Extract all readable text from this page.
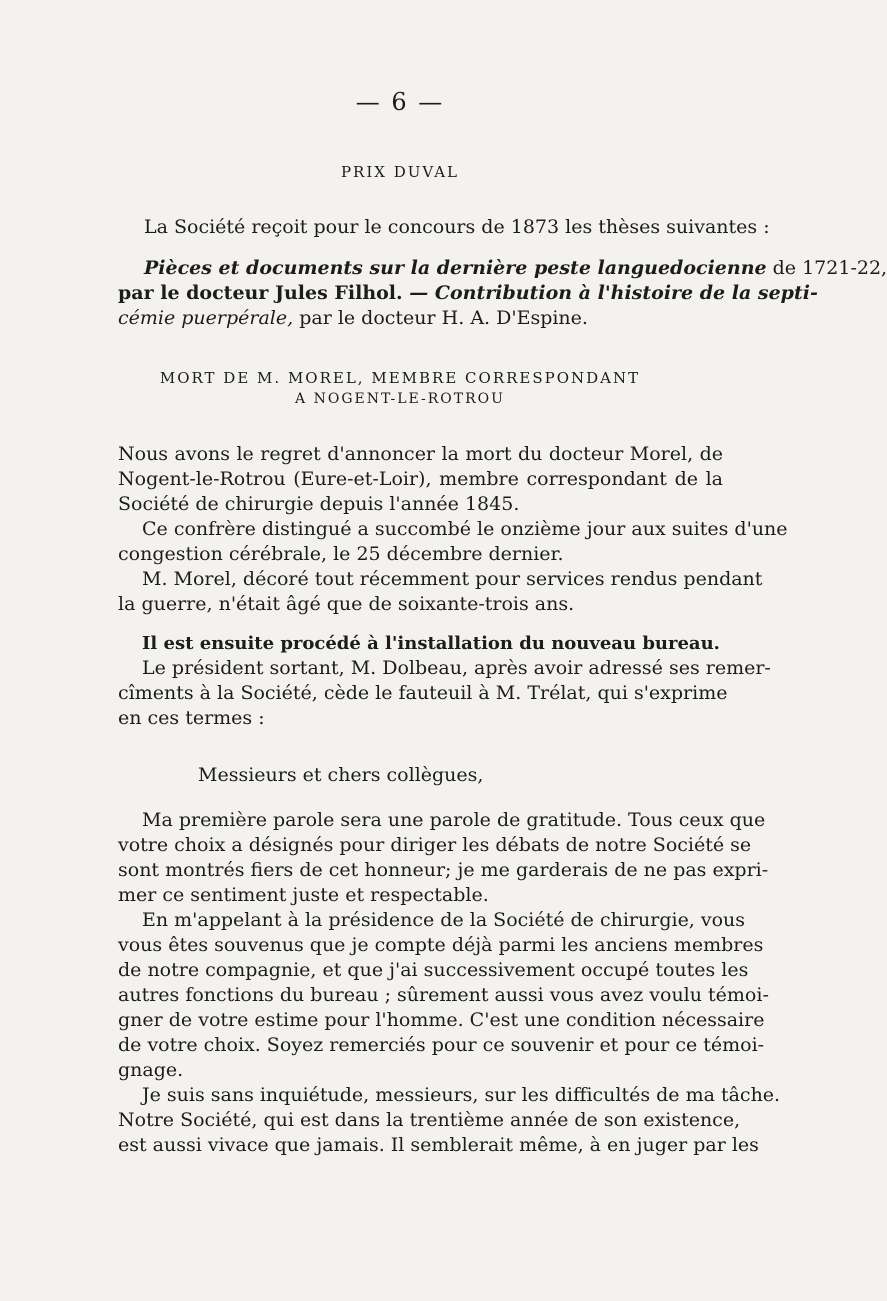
— 6 —
PRIX DUVAL
La Société reçoit pour le concours de 1873 les thèses suivantes :
Pièces et documents sur la dernière peste languedocienne de 1721-22,
par le docteur Jules Filhol. — Contribution à l'histoire de la septi-
cémie puerpérale, par le docteur H. A. D'Espine.
MORT DE M. MOREL, MEMBRE CORRESPONDANT
A NOGENT-LE-ROTROU
Nous avons le regret d'annoncer la mort du docteur Morel, de
Nogent-le-Rotrou (Eure-et-Loir), membre correspondant de la
Société de chirurgie depuis l'année 1845.
Ce confrère distingué a succombé le onzième jour aux suites d'une
congestion cérébrale, le 25 décembre dernier.
M. Morel, décoré tout récemment pour services rendus pendant
la guerre, n'était âgé que de soixante-trois ans.
Il est ensuite procédé à l'installation du nouveau bureau.
Le président sortant, M. Dolbeau, après avoir adressé ses remer-
cîments à la Société, cède le fauteuil à M. Trélat, qui s'exprime
en ces termes :
Messieurs et chers collègues,
Ma première parole sera une parole de gratitude. Tous ceux que
votre choix a désignés pour diriger les débats de notre Société se
sont montrés fiers de cet honneur; je me garderais de ne pas expri-
mer ce sentiment juste et respectable.
En m'appelant à la présidence de la Société de chirurgie, vous
vous êtes souvenus que je compte déjà parmi les anciens membres
de notre compagnie, et que j'ai successivement occupé toutes les
autres fonctions du bureau ; sûrement aussi vous avez voulu témoi-
gner de votre estime pour l'homme. C'est une condition nécessaire
de votre choix. Soyez remerciés pour ce souvenir et pour ce témoi-
gnage.
Je suis sans inquiétude, messieurs, sur les difficultés de ma tâche.
Notre Société, qui est dans la trentième année de son existence,
est aussi vivace que jamais. Il semblerait même, à en juger par les
